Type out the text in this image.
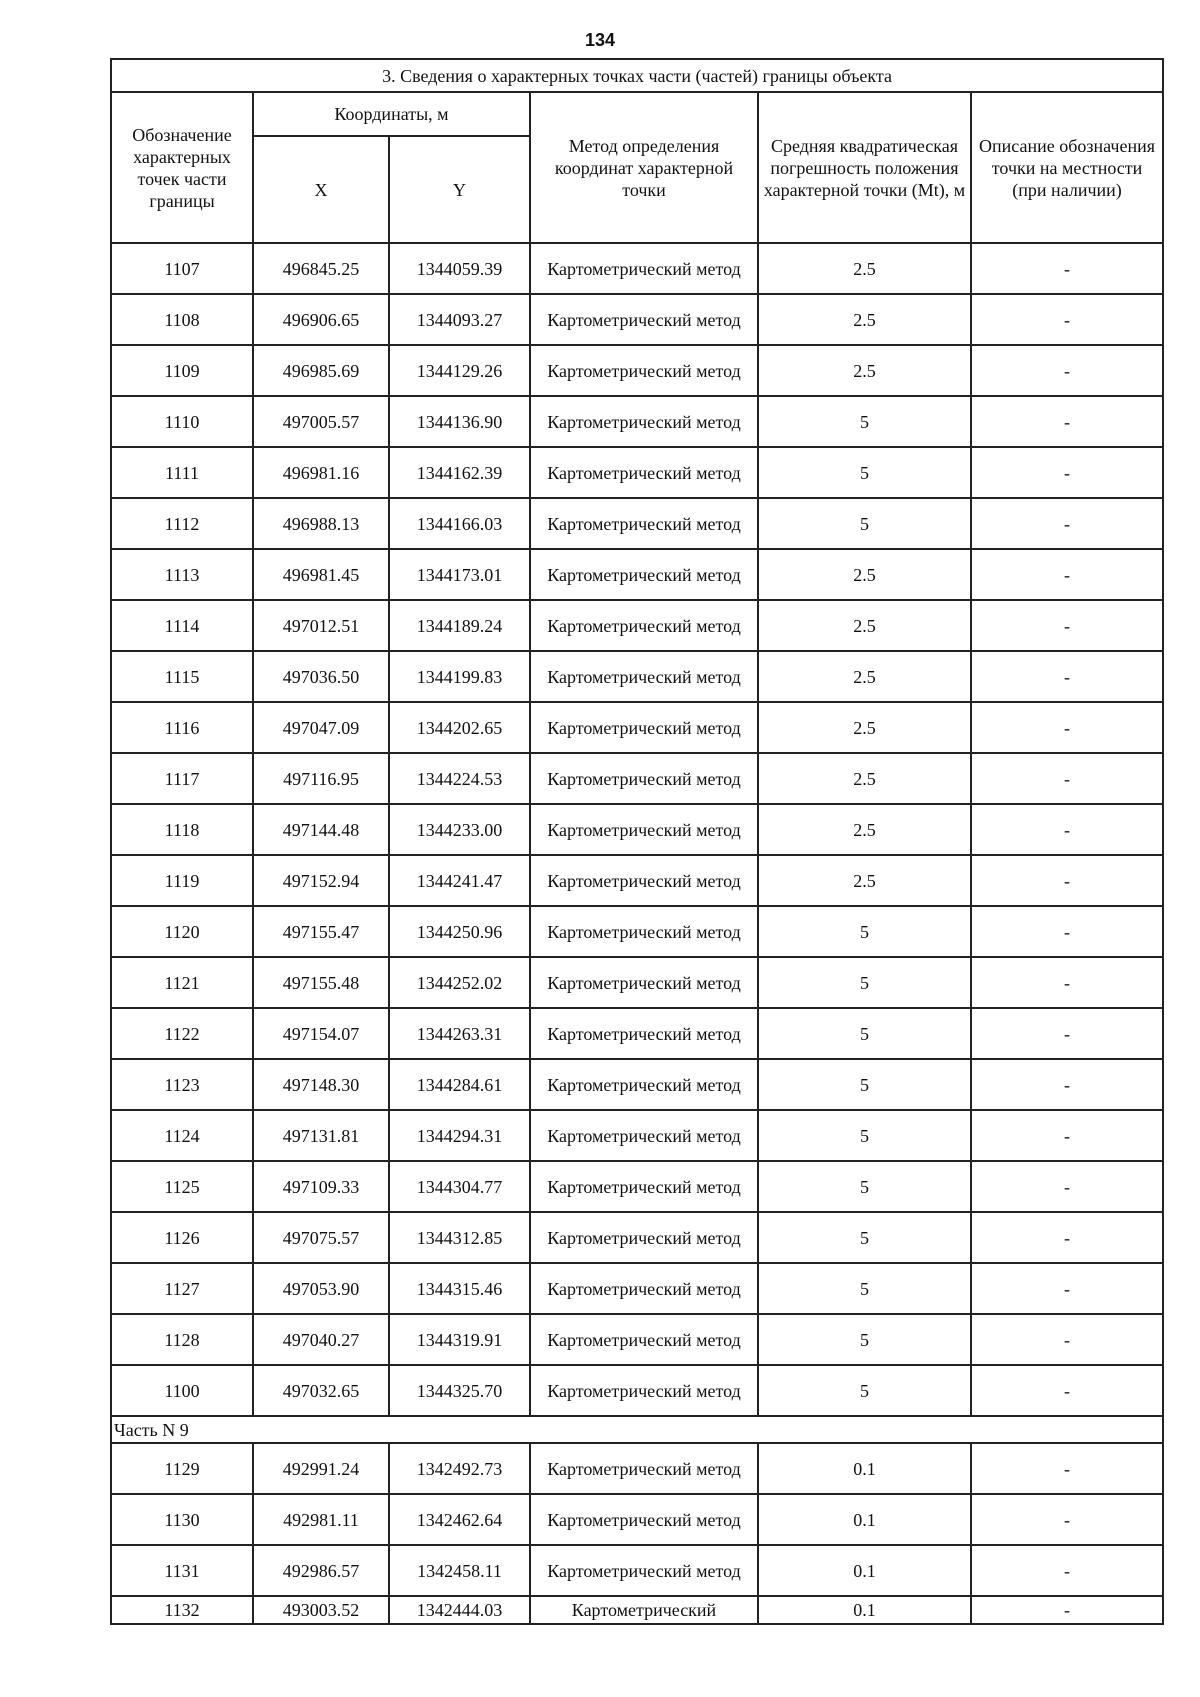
134
3. Сведения о характерных точках части (частей) границы объекта					
Обозначение характерных точек части границы	Координаты, м		Метод определения координат характерной точки	Средняя квадратическая погрешность положения характерной точки (Mt), м	Описание обозначения точки на местности (при наличии)
	X	Y			
1107	496845.25	1344059.39	Картометрический метод	2.5	-
1108	496906.65	1344093.27	Картометрический метод	2.5	-
1109	496985.69	1344129.26	Картометрический метод	2.5	-
1110	497005.57	1344136.90	Картометрический метод	5	-
1111	496981.16	1344162.39	Картометрический метод	5	-
1112	496988.13	1344166.03	Картометрический метод	5	-
1113	496981.45	1344173.01	Картометрический метод	2.5	-
1114	497012.51	1344189.24	Картометрический метод	2.5	-
1115	497036.50	1344199.83	Картометрический метод	2.5	-
1116	497047.09	1344202.65	Картометрический метод	2.5	-
1117	497116.95	1344224.53	Картометрический метод	2.5	-
1118	497144.48	1344233.00	Картометрический метод	2.5	-
1119	497152.94	1344241.47	Картометрический метод	2.5	-
1120	497155.47	1344250.96	Картометрический метод	5	-
1121	497155.48	1344252.02	Картометрический метод	5	-
1122	497154.07	1344263.31	Картометрический метод	5	-
1123	497148.30	1344284.61	Картометрический метод	5	-
1124	497131.81	1344294.31	Картометрический метод	5	-
1125	497109.33	1344304.77	Картометрический метод	5	-
1126	497075.57	1344312.85	Картометрический метод	5	-
1127	497053.90	1344315.46	Картометрический метод	5	-
1128	497040.27	1344319.91	Картометрический метод	5	-
1100	497032.65	1344325.70	Картометрический метод	5	-
Часть N 9					
1129	492991.24	1342492.73	Картометрический метод	0.1	-
1130	492981.11	1342462.64	Картометрический метод	0.1	-
1131	492986.57	1342458.11	Картометрический метод	0.1	-
1132	493003.52	1342444.03	Картометрический	0.1	-
